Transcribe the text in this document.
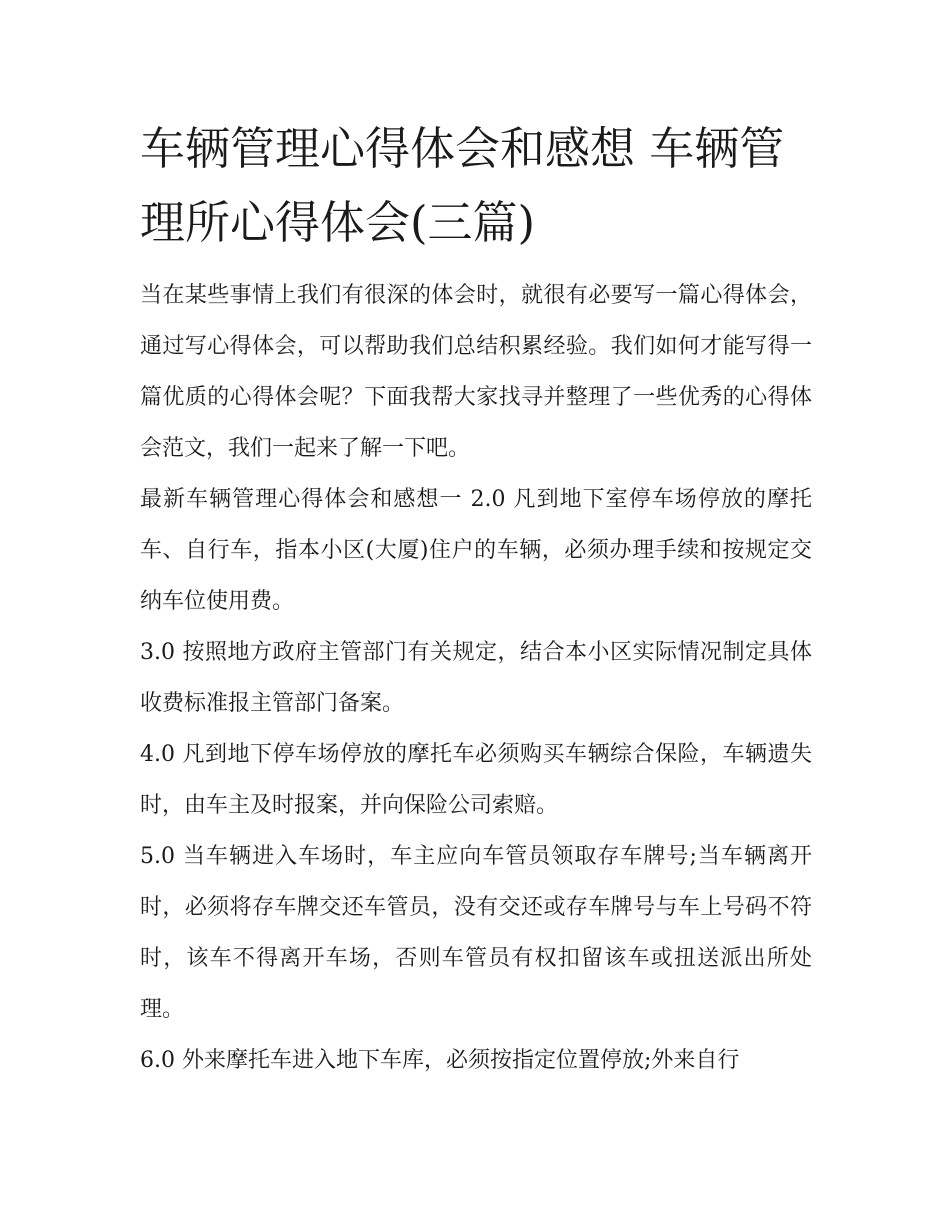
车辆管理心得体会和感想 车辆管理所心得体会(三篇)

当在某些事情上我们有很深的体会时，就很有必要写一篇心得体会，通过写心得体会，可以帮助我们总结积累经验。我们如何才能写得一篇优质的心得体会呢？下面我帮大家找寻并整理了一些优秀的心得体会范文，我们一起来了解一下吧。

最新车辆管理心得体会和感想一 2.0 凡到地下室停车场停放的摩托车、自行车，指本小区(大厦)住户的车辆，必须办理手续和按规定交纳车位使用费。

3.0 按照地方政府主管部门有关规定，结合本小区实际情况制定具体收费标准报主管部门备案。

4.0 凡到地下停车场停放的摩托车必须购买车辆综合保险，车辆遗失时，由车主及时报案，并向保险公司索赔。

5.0 当车辆进入车场时，车主应向车管员领取存车牌号;当车辆离开时，必须将存车牌交还车管员，没有交还或存车牌号与车上号码不符时，该车不得离开车场，否则车管员有权扣留该车或扭送派出所处理。

6.0 外来摩托车进入地下车库，必须按指定位置停放;外来自行
